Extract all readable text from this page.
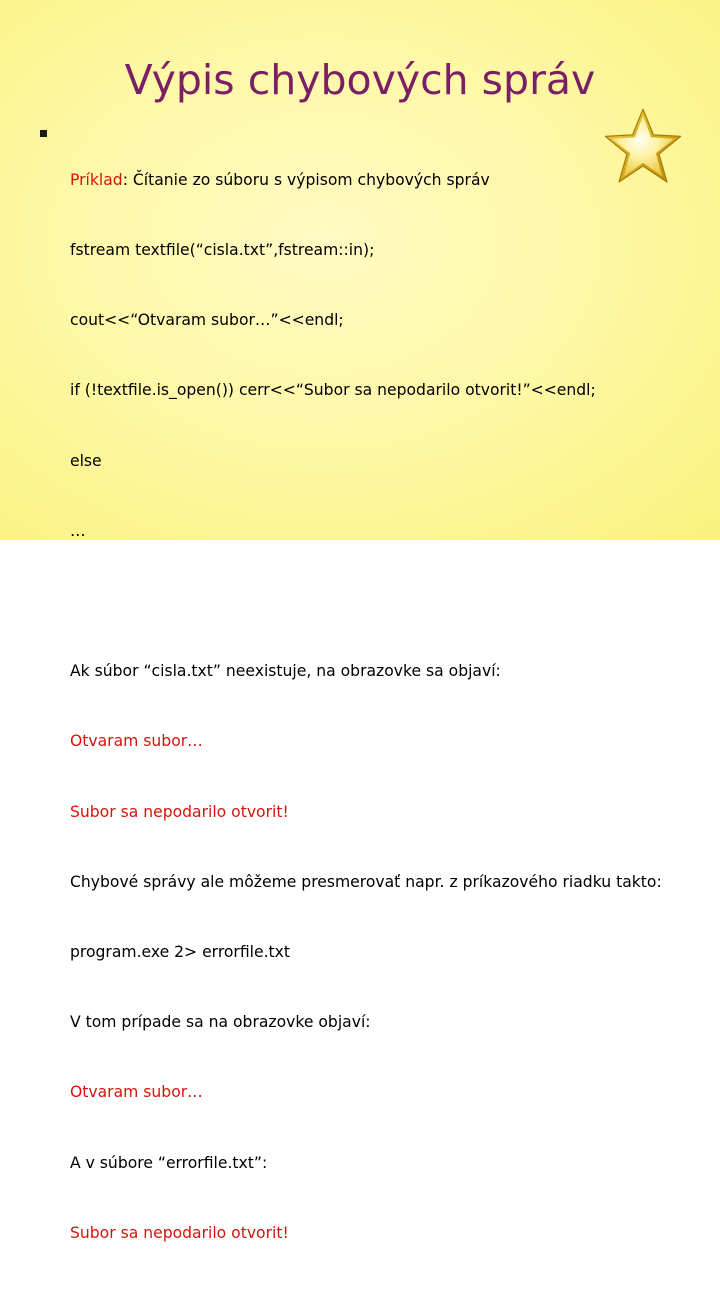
Výpis chybových správ

Príklad: Čítanie zo súboru s výpisom chybových správ

fstream textfile(“cisla.txt”,fstream::in);

cout<<“Otvaram subor…”<<endl;

if (!textfile.is_open()) cerr<<“Subor sa nepodarilo otvorit!”<<endl;

else

…

Ak súbor “cisla.txt” neexistuje, na obrazovke sa objaví:

Otvaram subor…

Subor sa nepodarilo otvorit!

Chybové správy ale môžeme presmerovať napr. z príkazového riadku takto:

program.exe 2> errorfile.txt

V tom prípade sa na obrazovke objaví:

Otvaram subor…

A v súbore “errorfile.txt”:

Subor sa nepodarilo otvorit!
